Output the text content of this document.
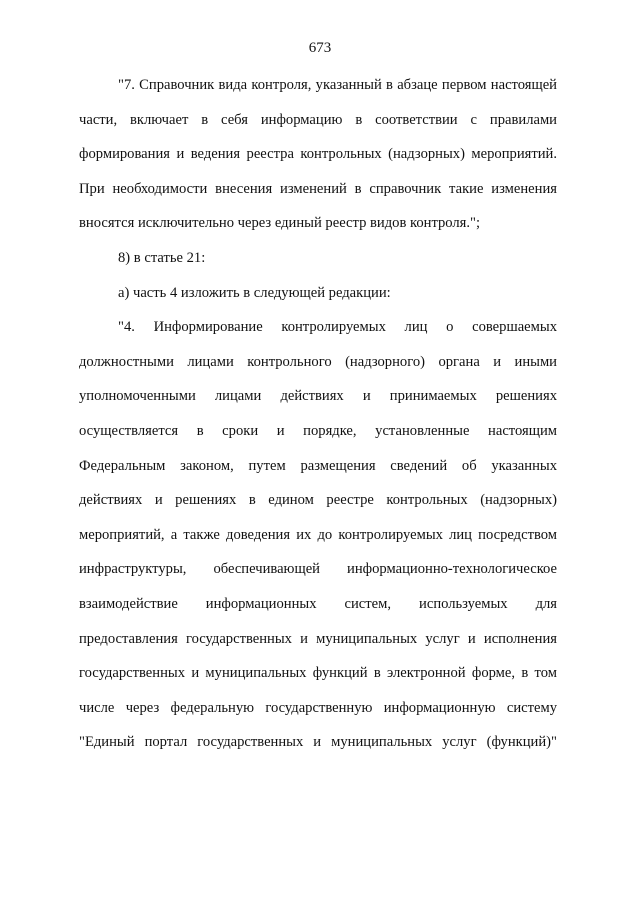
673

"7. Справочник вида контроля, указанный в абзаце первом настоящей части, включает в себя информацию в соответствии с правилами формирования и ведения реестра контрольных (надзорных) мероприятий. При необходимости внесения изменений в справочник такие изменения вносятся исключительно через единый реестр видов контроля.";

8) в статье 21:

а) часть 4 изложить в следующей редакции:

"4. Информирование контролируемых лиц о совершаемых должностными лицами контрольного (надзорного) органа и иными уполномоченными лицами действиях и принимаемых решениях осуществляется в сроки и порядке, установленные настоящим Федеральным законом, путем размещения сведений об указанных действиях и решениях в едином реестре контрольных (надзорных) мероприятий, а также доведения их до контролируемых лиц посредством инфраструктуры, обеспечивающей информационно-технологическое взаимодействие информационных систем, используемых для предоставления государственных и муниципальных услуг и исполнения государственных и муниципальных функций в электронной форме, в том числе через федеральную государственную информационную систему "Единый портал государственных и муниципальных услуг (функций)"
